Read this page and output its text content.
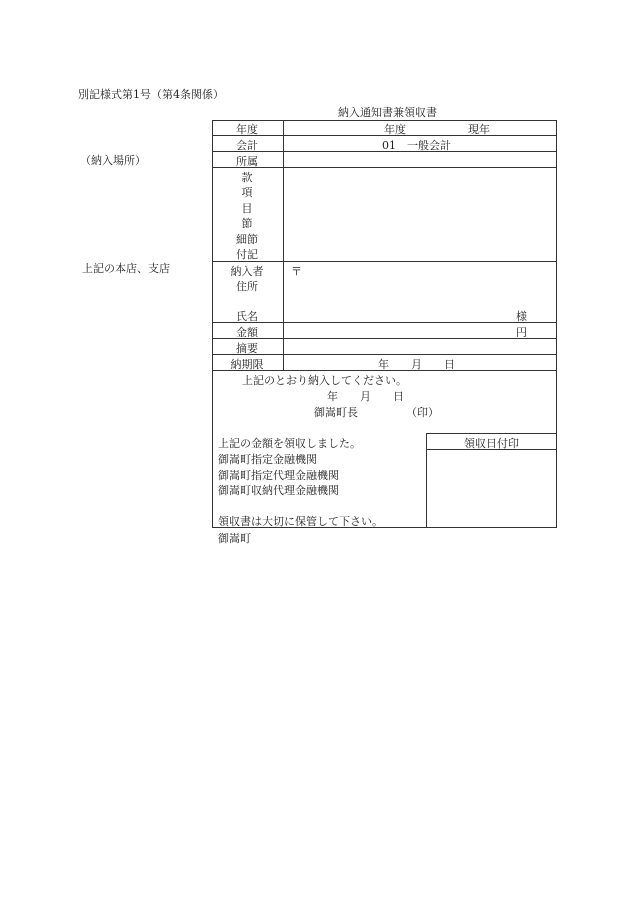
別記様式第1号（第4条関係）
納入通知書兼領収書
（納入場所）
上記の本店、支店
年度	年度	現年
会計	01　一般会計
所属
款
項
目
節
細節
付記
納入者	〒
住所
氏名	様
金額	円
摘要
納期限	年　　月　　日
上記のとおり納入してください。
年　　月　　日
御嵩町長	（印）
上記の金額を領収しました。
御嵩町指定金融機関
御嵩町指定代理金融機関
御嵩町収納代理金融機関
領収書は大切に保管して下さい。
領収日付印
御嵩町
